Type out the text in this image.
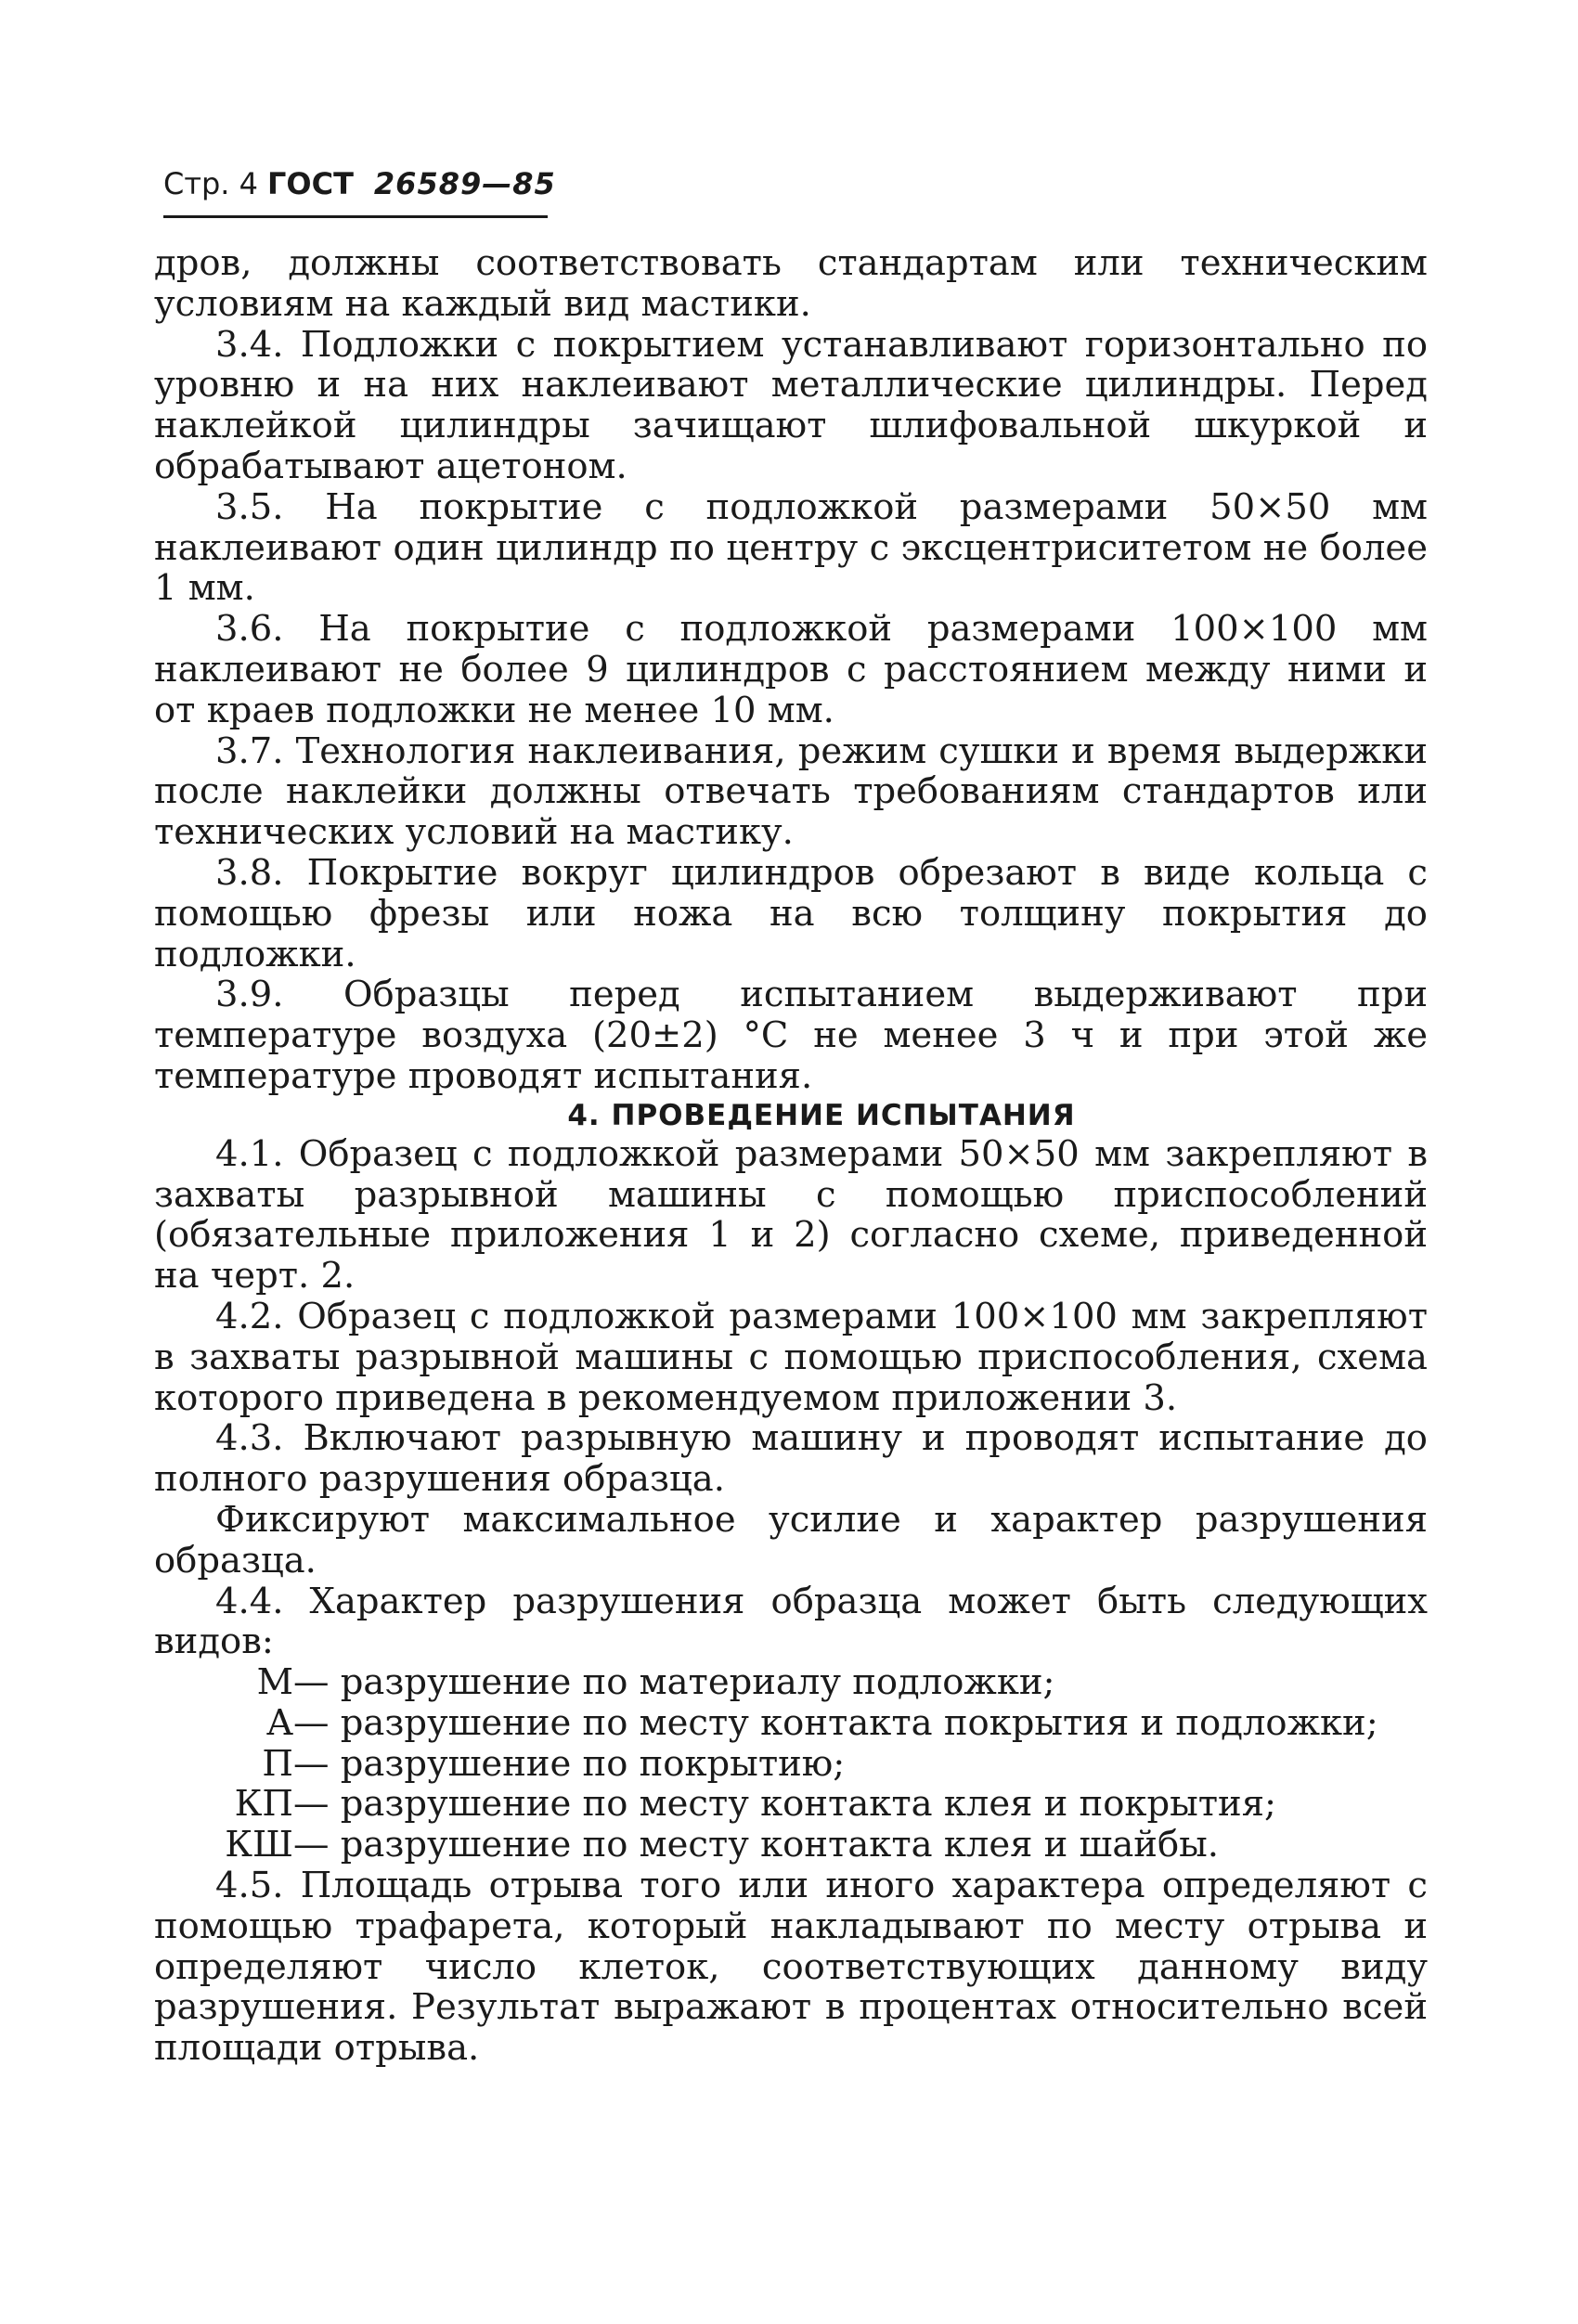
Стр. 4 ГОСТ 26589—85

дров, должны соответствовать стандартам или техническим условиям на каждый вид мастики.

3.4. Подложки с покрытием устанавливают горизонтально по уровню и на них наклеивают металлические цилиндры. Перед наклейкой цилиндры зачищают шлифовальной шкуркой и обрабатывают ацетоном.

3.5. На покрытие с подложкой размерами 50×50 мм наклеивают один цилиндр по центру с эксцентриситетом не более 1 мм.

3.6. На покрытие с подложкой размерами 100×100 мм наклеивают не более 9 цилиндров с расстоянием между ними и от краев подложки не менее 10 мм.

3.7. Технология наклеивания, режим сушки и время выдержки после наклейки должны отвечать требованиям стандартов или технических условий на мастику.

3.8. Покрытие вокруг цилиндров обрезают в виде кольца с помощью фрезы или ножа на всю толщину покрытия до подложки.

3.9. Образцы перед испытанием выдерживают при температуре воздуха (20±2) °С не менее 3 ч и при этой же температуре проводят испытания.

4. ПРОВЕДЕНИЕ ИСПЫТАНИЯ

4.1. Образец с подложкой размерами 50×50 мм закрепляют в захваты разрывной машины с помощью приспособлений (обязательные приложения 1 и 2) согласно схеме, приведенной на черт. 2.

4.2. Образец с подложкой размерами 100×100 мм закрепляют в захваты разрывной машины с помощью приспособления, схема которого приведена в рекомендуемом приложении 3.

4.3. Включают разрывную машину и проводят испытание до полного разрушения образца.

Фиксируют максимальное усилие и характер разрушения образца.

4.4. Характер разрушения образца может быть следующих видов:

М— разрушение по материалу подложки;

А— разрушение по месту контакта покрытия и подложки;

П— разрушение по покрытию;

КП— разрушение по месту контакта клея и покрытия;

КШ— разрушение по месту контакта клея и шайбы.

4.5. Площадь отрыва того или иного характера определяют с помощью трафарета, который накладывают по месту отрыва и определяют число клеток, соответствующих данному виду разрушения. Результат выражают в процентах относительно всей площади отрыва.
